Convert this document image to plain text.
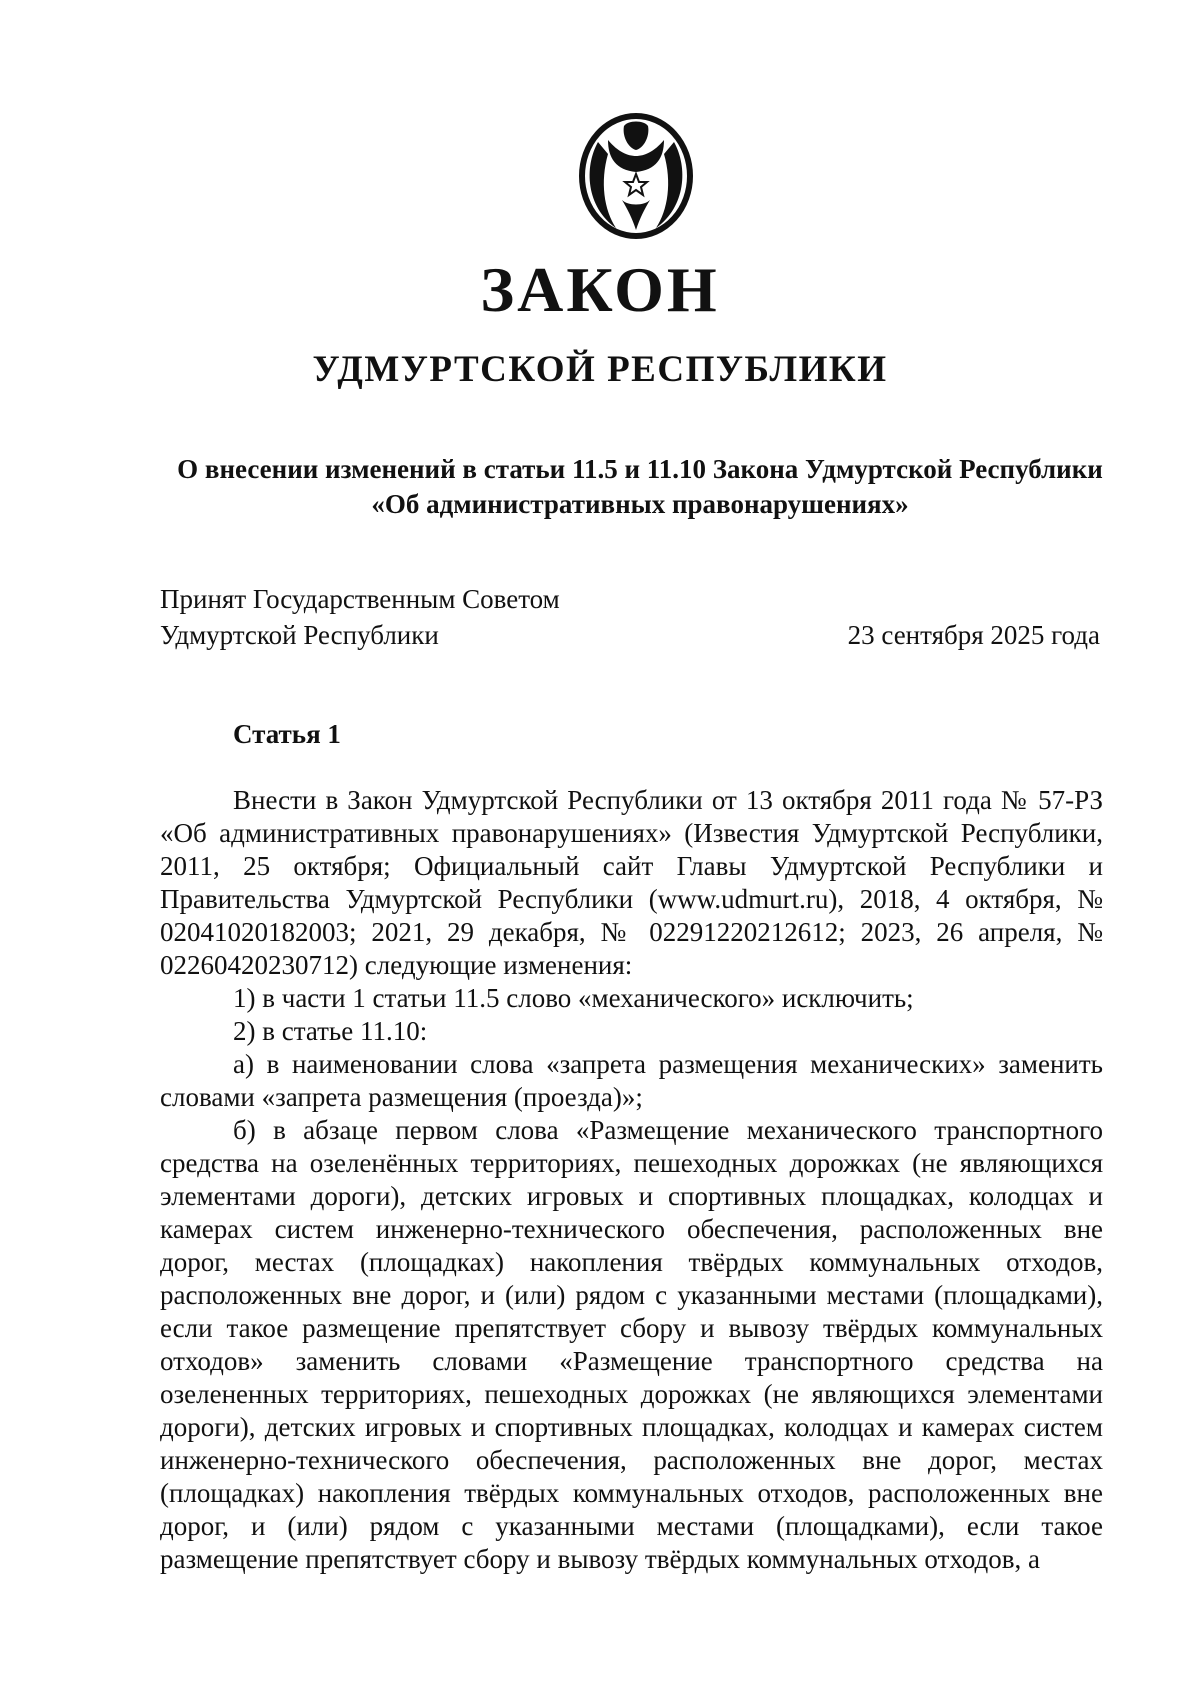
ЗАКОН
УДМУРТСКОЙ РЕСПУБЛИКИ
О внесении изменений в статьи 11.5 и 11.10 Закона Удмуртской Республики
«Об административных правонарушениях»
Принят Государственным Советом
Удмуртской Республики	23 сентября 2025 года
Статья 1

Внести в Закон Удмуртской Республики от 13 октября 2011 года № 57-РЗ «Об административных правонарушениях» (Известия Удмуртской Республики, 2011, 25 октября; Официальный сайт Главы Удмуртской Республики и Правительства Удмуртской Республики (www.udmurt.ru), 2018, 4 октября, № 02041020182003; 2021, 29 декабря, № 02291220212612; 2023, 26 апреля, № 02260420230712) следующие изменения:

1) в части 1 статьи 11.5 слово «механического» исключить;

2) в статье 11.10:

а) в наименовании слова «запрета размещения механических» заменить словами «запрета размещения (проезда)»;

б) в абзаце первом слова «Размещение механического транспортного средства на озеленённых территориях, пешеходных дорожках (не являющихся элементами дороги), детских игровых и спортивных площадках, колодцах и камерах систем инженерно-технического обеспечения, расположенных вне дорог, местах (площадках) накопления твёрдых коммунальных отходов, расположенных вне дорог, и (или) рядом с указанными местами (площадками), если такое размещение препятствует сбору и вывозу твёрдых коммунальных отходов» заменить словами «Размещение транспортного средства на озелененных территориях, пешеходных дорожках (не являющихся элементами дороги), детских игровых и спортивных площадках, колодцах и камерах систем инженерно-технического обеспечения, расположенных вне дорог, местах (площадках) накопления твёрдых коммунальных отходов, расположенных вне дорог, и (или) рядом с указанными местами (площадками), если такое размещение препятствует сбору и вывозу твёрдых коммунальных отходов, а
